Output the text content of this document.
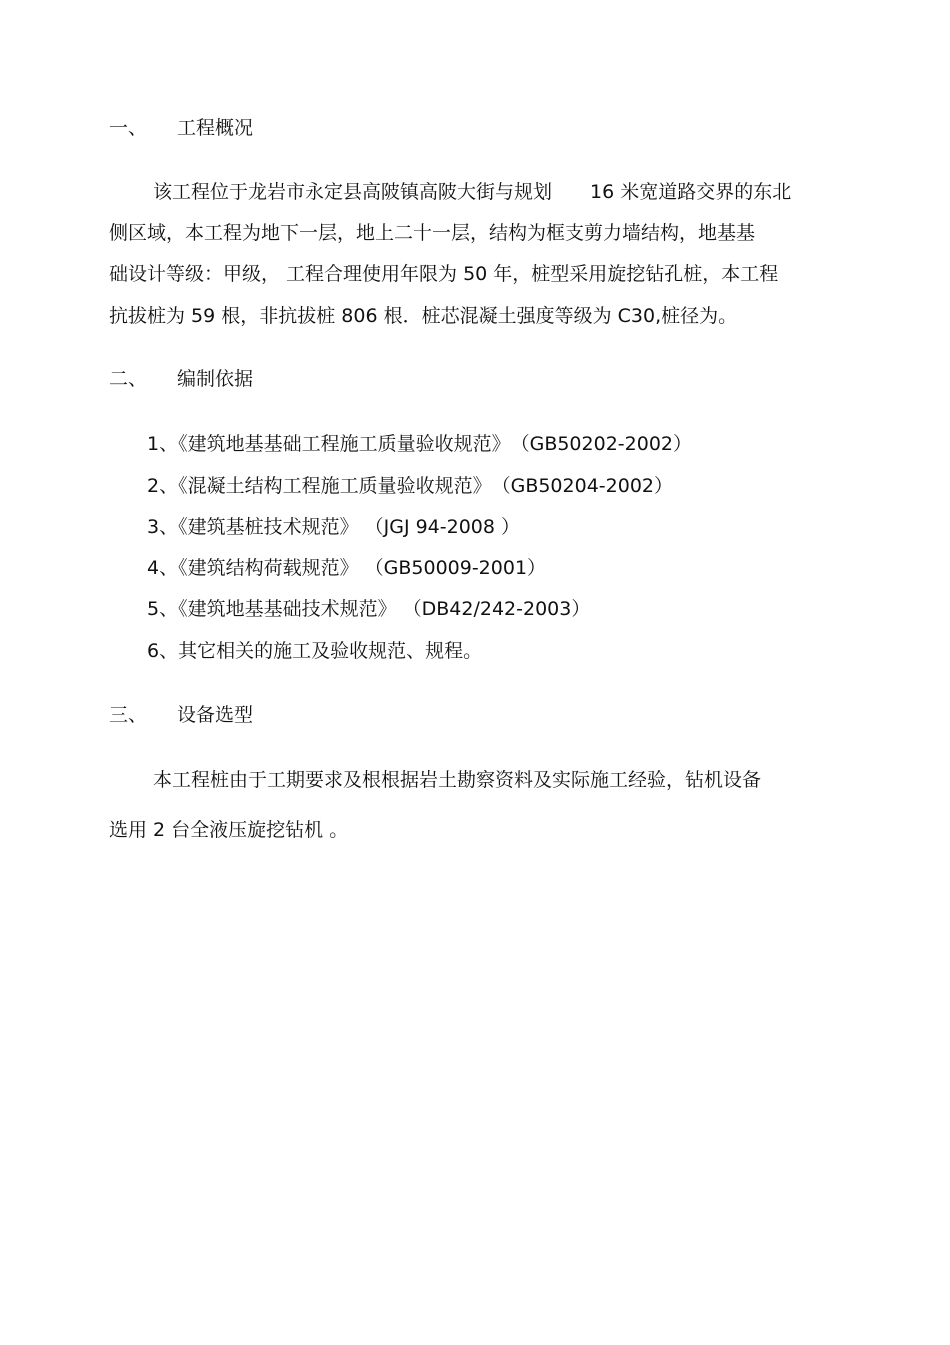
一、 工程概况
该工程位于龙岩市永定县高陂镇高陂大街与规划　　16 米宽道路交界的东北
侧区域，本工程为地下一层，地上二十一层，结构为框支剪力墙结构，地基基
础设计等级：甲级， 工程合理使用年限为 50 年，桩型采用旋挖钻孔桩，本工程
抗拔桩为 59 根，非抗拔桩 806 根．桩芯混凝土强度等级为 C30,桩径为。
二、 编制依据
1、《建筑地基基础工程施工质量验收规范》　（GB50202-2002）
2、《混凝土结构工程施工质量验收规范》　（GB50204-2002）
3、《建筑基桩技术规范》 （JGJ 94-2008 ）
4、《建筑结构荷载规范》 （GB50009-2001）
5、《建筑地基基础技术规范》 （DB42/242-2003）
6、其它相关的施工及验收规范、规程。
三、 设备选型
本工程桩由于工期要求及根根据岩土勘察资料及实际施工经验，钻机设备
选用 2 台全液压旋挖钻机 。
